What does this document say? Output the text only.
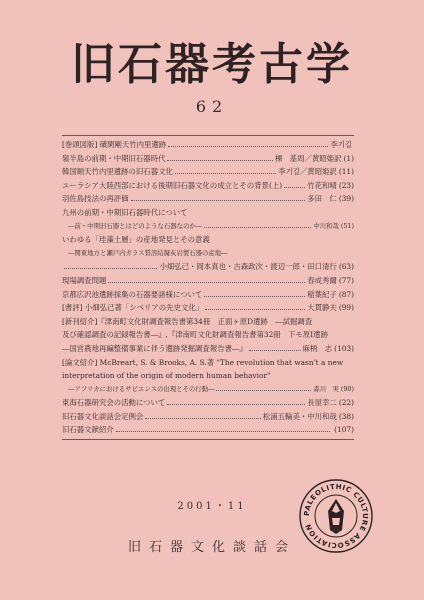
旧石器考古学
62
[巻頭図版] 磧閑剛天竹内里遺跡	李기길
嶺半島の前期・中期旧石器時代	棟　基周／黄昭姫訳 (1)
韓国順天竹内里遺跡の旧石器文化	李기길／黄昭姫訳 (11)
ユーラシア大陸西部における後期旧石器文化の成立とその背景(上)	竹花和晴 (23)
羽佐島技法の再評価	多田　仁 (39)
九州の前期・中期旧石器時代について
―前・中期旧石器とはどのような石器なのか―	中川和哉 (51)
いわゆる「珪藻土層」の産地発見とその意義
―関東地方と瀬戸内ガラス質溶結凝灰岩製石器の産地―
小畑弘己・岡本真也・古森政次・渡辺一郎・田口清行 (63)
現場調査問題	春成秀爾 (77)
京都広沢池遺跡採集の石器要諸様について	稲葉紀子 (87)
[書評] 小畑弘己著「シベリアの先史文化」	大貫静夫 (99)
[新刊紹介]『津南町文化財調査報告書第34冊　正面ヶ原D遺跡　―試掘調査
及び確認調査の記録報告書―』,『津南町文化財調査報告書第32冊　下モ原Ⅰ遺跡
―国営農地再編整備事業に伴う遺跡発掘調査報告書―』	麻柄　志 (103)
[論文紹介] McBreart, S. & Brooks, A. S.著 "The revolution that wasn't a new
interpretation of the origin of modern human behavior"
―アフリカにおけるサピエンスの出現とその行動―	森川　実 (90)
東海石器研究会の活動について	長屋幸二 (22)
旧石器文化談話会定例会	松浦五輪美・中川和哉 (38)
旧石器文献紹介	(107)
2001・11
旧石器文化談話会
PALEOLITHIC CULTURE ASSOCIATION
